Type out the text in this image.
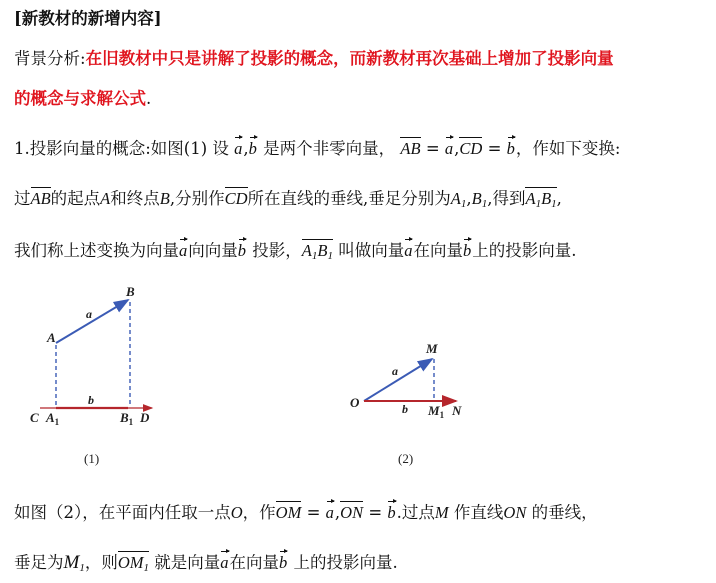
[新教材的新增内容]
背景分析:在旧教材中只是讲解了投影的概念，而新教材再次基础上增加了投影向量
的概念与求解公式.
1.投影向量的概念:如图(1) 设 a,b 是两个非零向量， AB = a,CD = b，作如下变换:
过AB的起点A和终点B,分别作CD所在直线的垂线,垂足分别为$A_1,B_1$,得到$A_1B_1$,
我们称上述变换为向量a向向量b 投影，$A_1B_1$ 叫做向量a在向量b上的投影向量.
A
B
a
b
C $A_1$	$B_1$ D
(1)
M
O
a
b $M_1$ N
(2)
如图（2），在平面内任取一点O，作OM = a,ON = b.过点M 作直线ON 的垂线，
垂足为$M_1$，则$OM_1$ 就是向量a在向量b 上的投影向量.
